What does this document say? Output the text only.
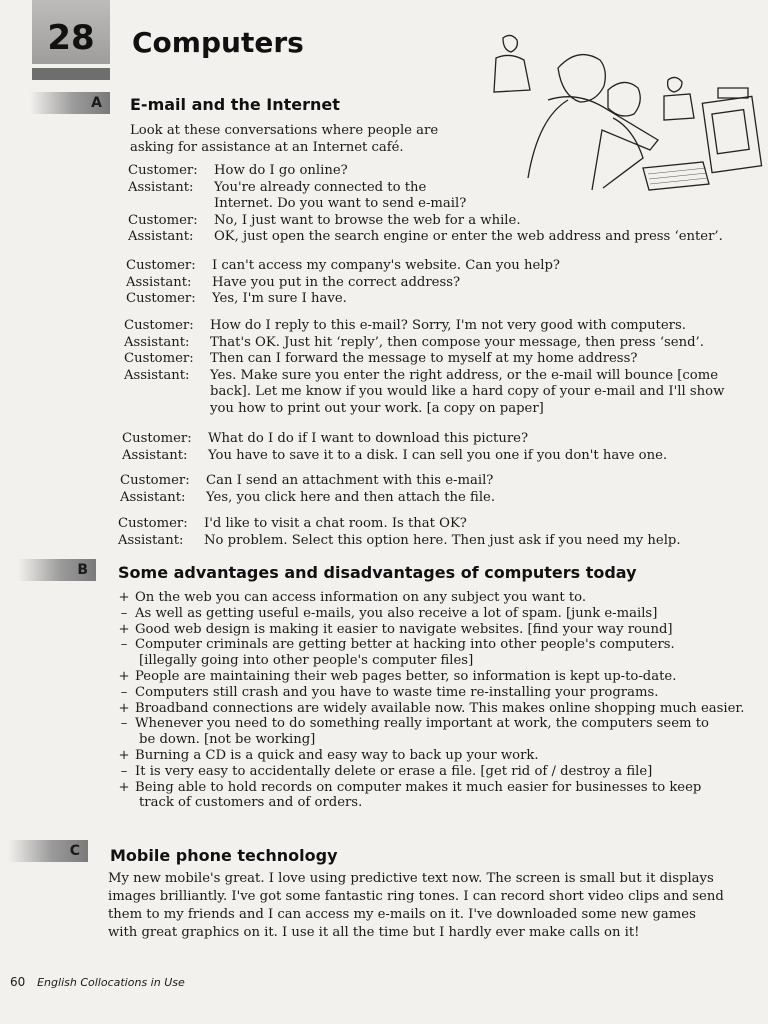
28 Computers
A E-mail and the Internet
Look at these conversations where people are
asking for assistance at an Internet café.
Customer:	How do I go online?
Assistant:	You're already connected to the
Internet. Do you want to send e-mail?
Customer:	No, I just want to browse the web for a while.
Assistant:	OK, just open the search engine or enter the web address and press ‘enter’.
Customer:	I can't access my company's website. Can you help?
Assistant:	Have you put in the correct address?
Customer:	Yes, I'm sure I have.
Customer:	How do I reply to this e-mail? Sorry, I'm not very good with computers.
Assistant:	That's OK. Just hit ‘reply’, then compose your message, then press ‘send’.
Customer:	Then can I forward the message to myself at my home address?
Assistant:	Yes. Make sure you enter the right address, or the e-mail will bounce [come
back]. Let me know if you would like a hard copy of your e-mail and I'll show
you how to print out your work. [a copy on paper]
Customer:	What do I do if I want to download this picture?
Assistant:	You have to save it to a disk. I can sell you one if you don't have one.
Customer:	Can I send an attachment with this e-mail?
Assistant:	Yes, you click here and then attach the file.
Customer:	I'd like to visit a chat room. Is that OK?
Assistant:	No problem. Select this option here. Then just ask if you need my help.
B Some advantages and disadvantages of computers today
+ On the web you can access information on any subject you want to.
– As well as getting useful e-mails, you also receive a lot of spam. [junk e-mails]
+ Good web design is making it easier to navigate websites. [find your way round]
– Computer criminals are getting better at hacking into other people's computers.
[illegally going into other people's computer files]
+ People are maintaining their web pages better, so information is kept up-to-date.
– Computers still crash and you have to waste time re-installing your programs.
+ Broadband connections are widely available now. This makes online shopping much easier.
– Whenever you need to do something really important at work, the computers seem to
be down. [not be working]
+ Burning a CD is a quick and easy way to back up your work.
– It is very easy to accidentally delete or erase a file. [get rid of / destroy a file]
+ Being able to hold records on computer makes it much easier for businesses to keep
track of customers and of orders.
C Mobile phone technology
My new mobile's great. I love using predictive text now. The screen is small but it displays
images brilliantly. I've got some fantastic ring tones. I can record short video clips and send
them to my friends and I can access my e-mails on it. I've downloaded some new games
with great graphics on it. I use it all the time but I hardly ever make calls on it!
60 English Collocations in Use
